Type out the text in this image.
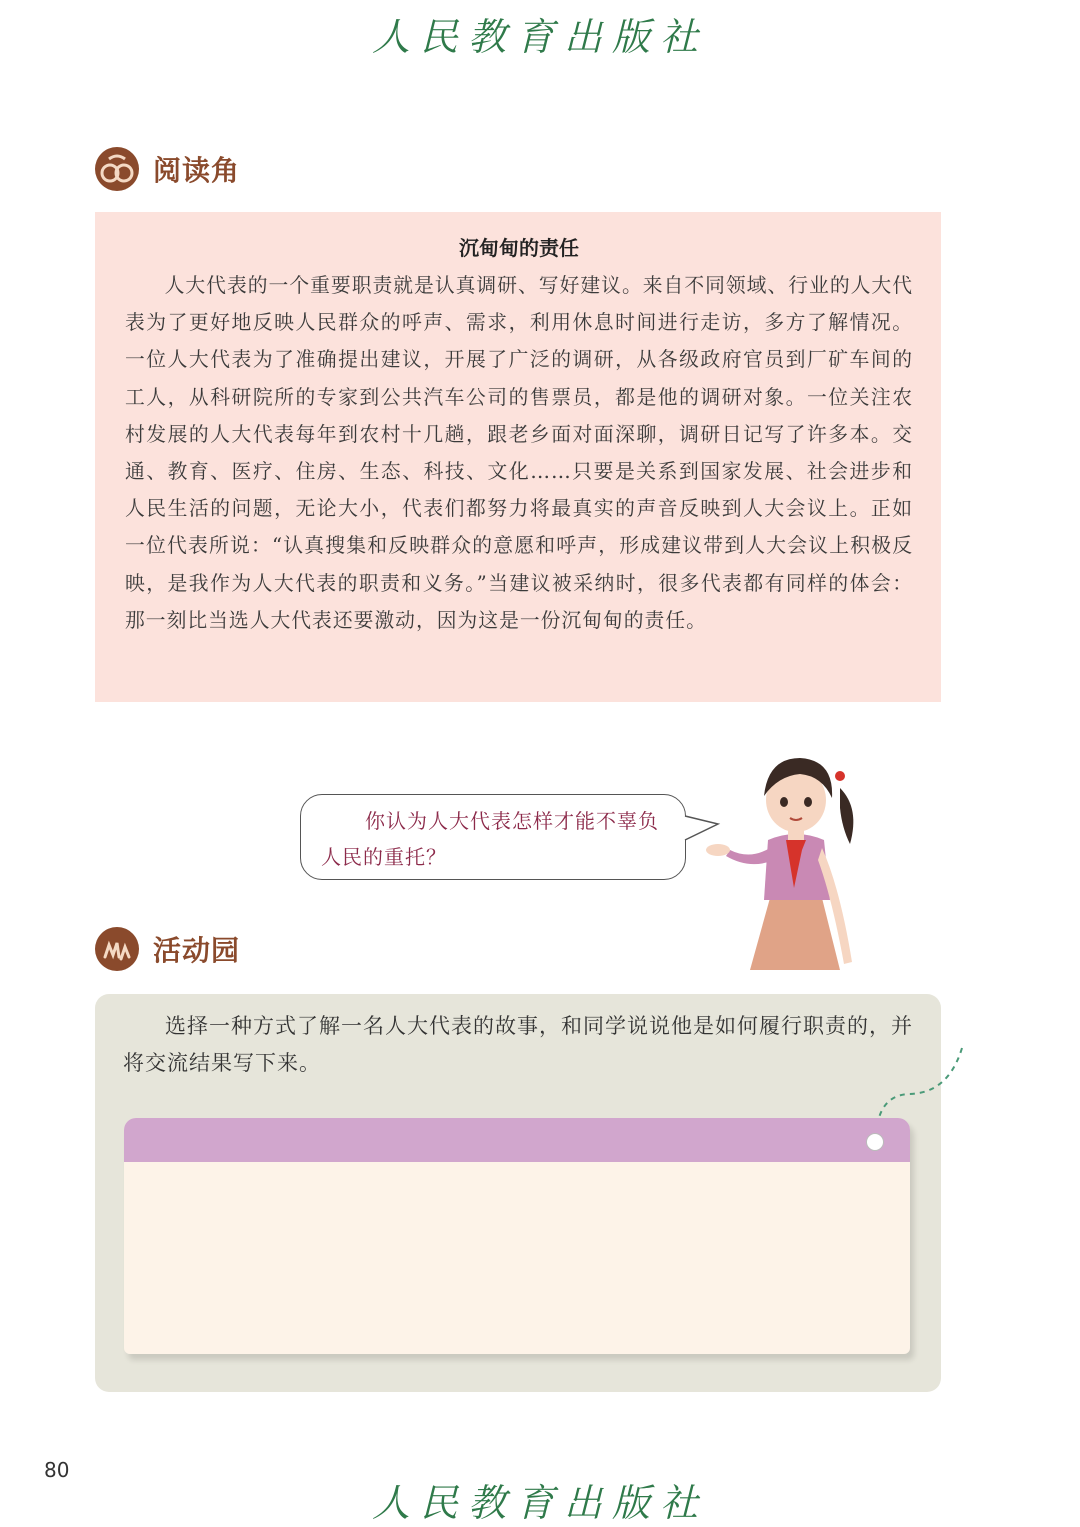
人民教育出版社
阅读角
沉甸甸的责任

人大代表的一个重要职责就是认真调研、写好建议。来自不同领域、行业的人大代表为了更好地反映人民群众的呼声、需求，利用休息时间进行走访，多方了解情况。一位人大代表为了准确提出建议，开展了广泛的调研，从各级政府官员到厂矿车间的工人，从科研院所的专家到公共汽车公司的售票员，都是他的调研对象。一位关注农村发展的人大代表每年到农村十几趟，跟老乡面对面深聊，调研日记写了许多本。交通、教育、医疗、住房、生态、科技、文化……只要是关系到国家发展、社会进步和人民生活的问题，无论大小，代表们都努力将最真实的声音反映到人大会议上。正如一位代表所说：“认真搜集和反映群众的意愿和呼声，形成建议带到人大会议上积极反映，是我作为人大代表的职责和义务。”当建议被采纳时，很多代表都有同样的体会：那一刻比当选人大代表还要激动，因为这是一份沉甸甸的责任。

你认为人大代表怎样才能不辜负人民的重托？

活动园

选择一种方式了解一名人大代表的故事，和同学说说他是如何履行职责的，并将交流结果写下来。

80
人民教育出版社
